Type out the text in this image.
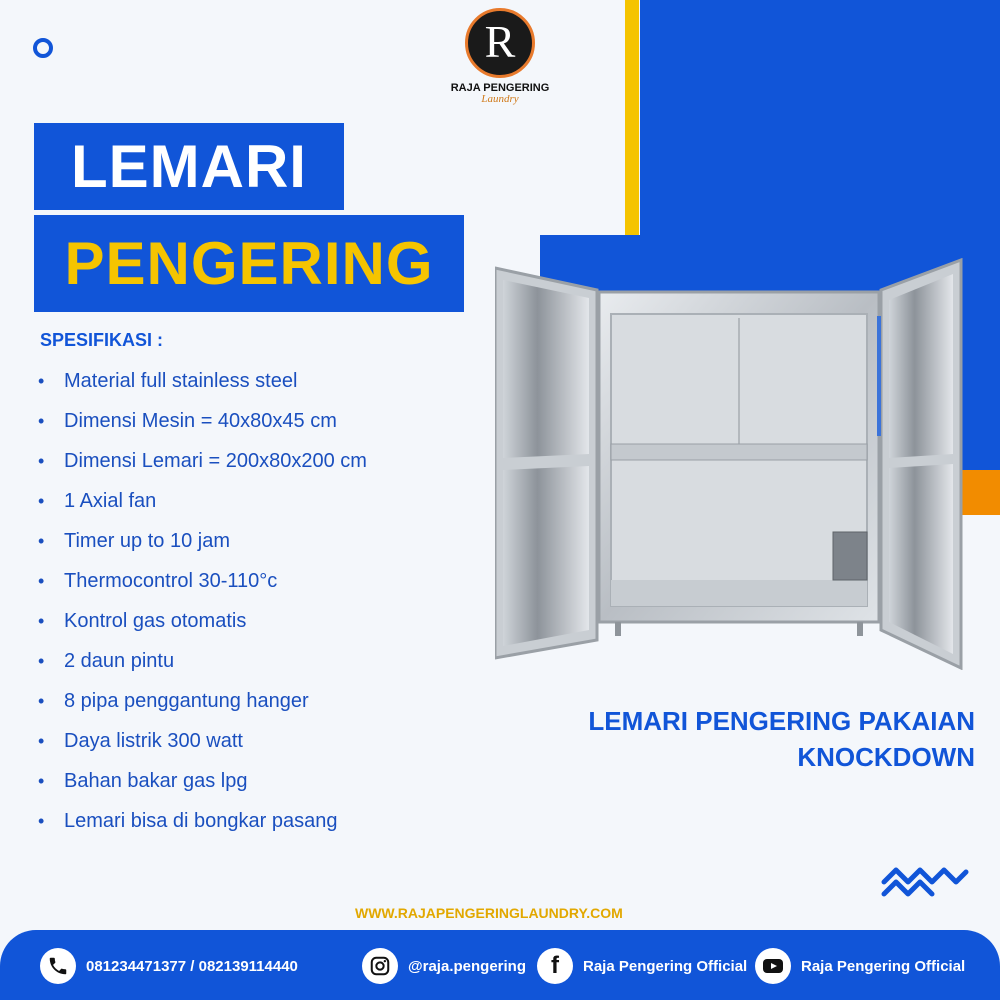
R
RAJA PENGERING
Laundry
LEMARI
PENGERING
SPESIFIKASI :
• Material full stainless steel
• Dimensi Mesin = 40x80x45 cm
• Dimensi Lemari = 200x80x200 cm
• 1 Axial fan
• Timer up to 10 jam
• Thermocontrol 30-110°c
• Kontrol gas otomatis
• 2 daun pintu
• 8 pipa penggantung hanger
• Daya listrik 300 watt
• Bahan bakar gas lpg
• Lemari bisa di bongkar pasang
LEMARI PENGERING PAKAIAN
KNOCKDOWN
WWW.RAJAPENGERINGLAUNDRY.COM
081234471377 / 082139114440	@raja.pengering	f	Raja Pengering Official	Raja Pengering Official
